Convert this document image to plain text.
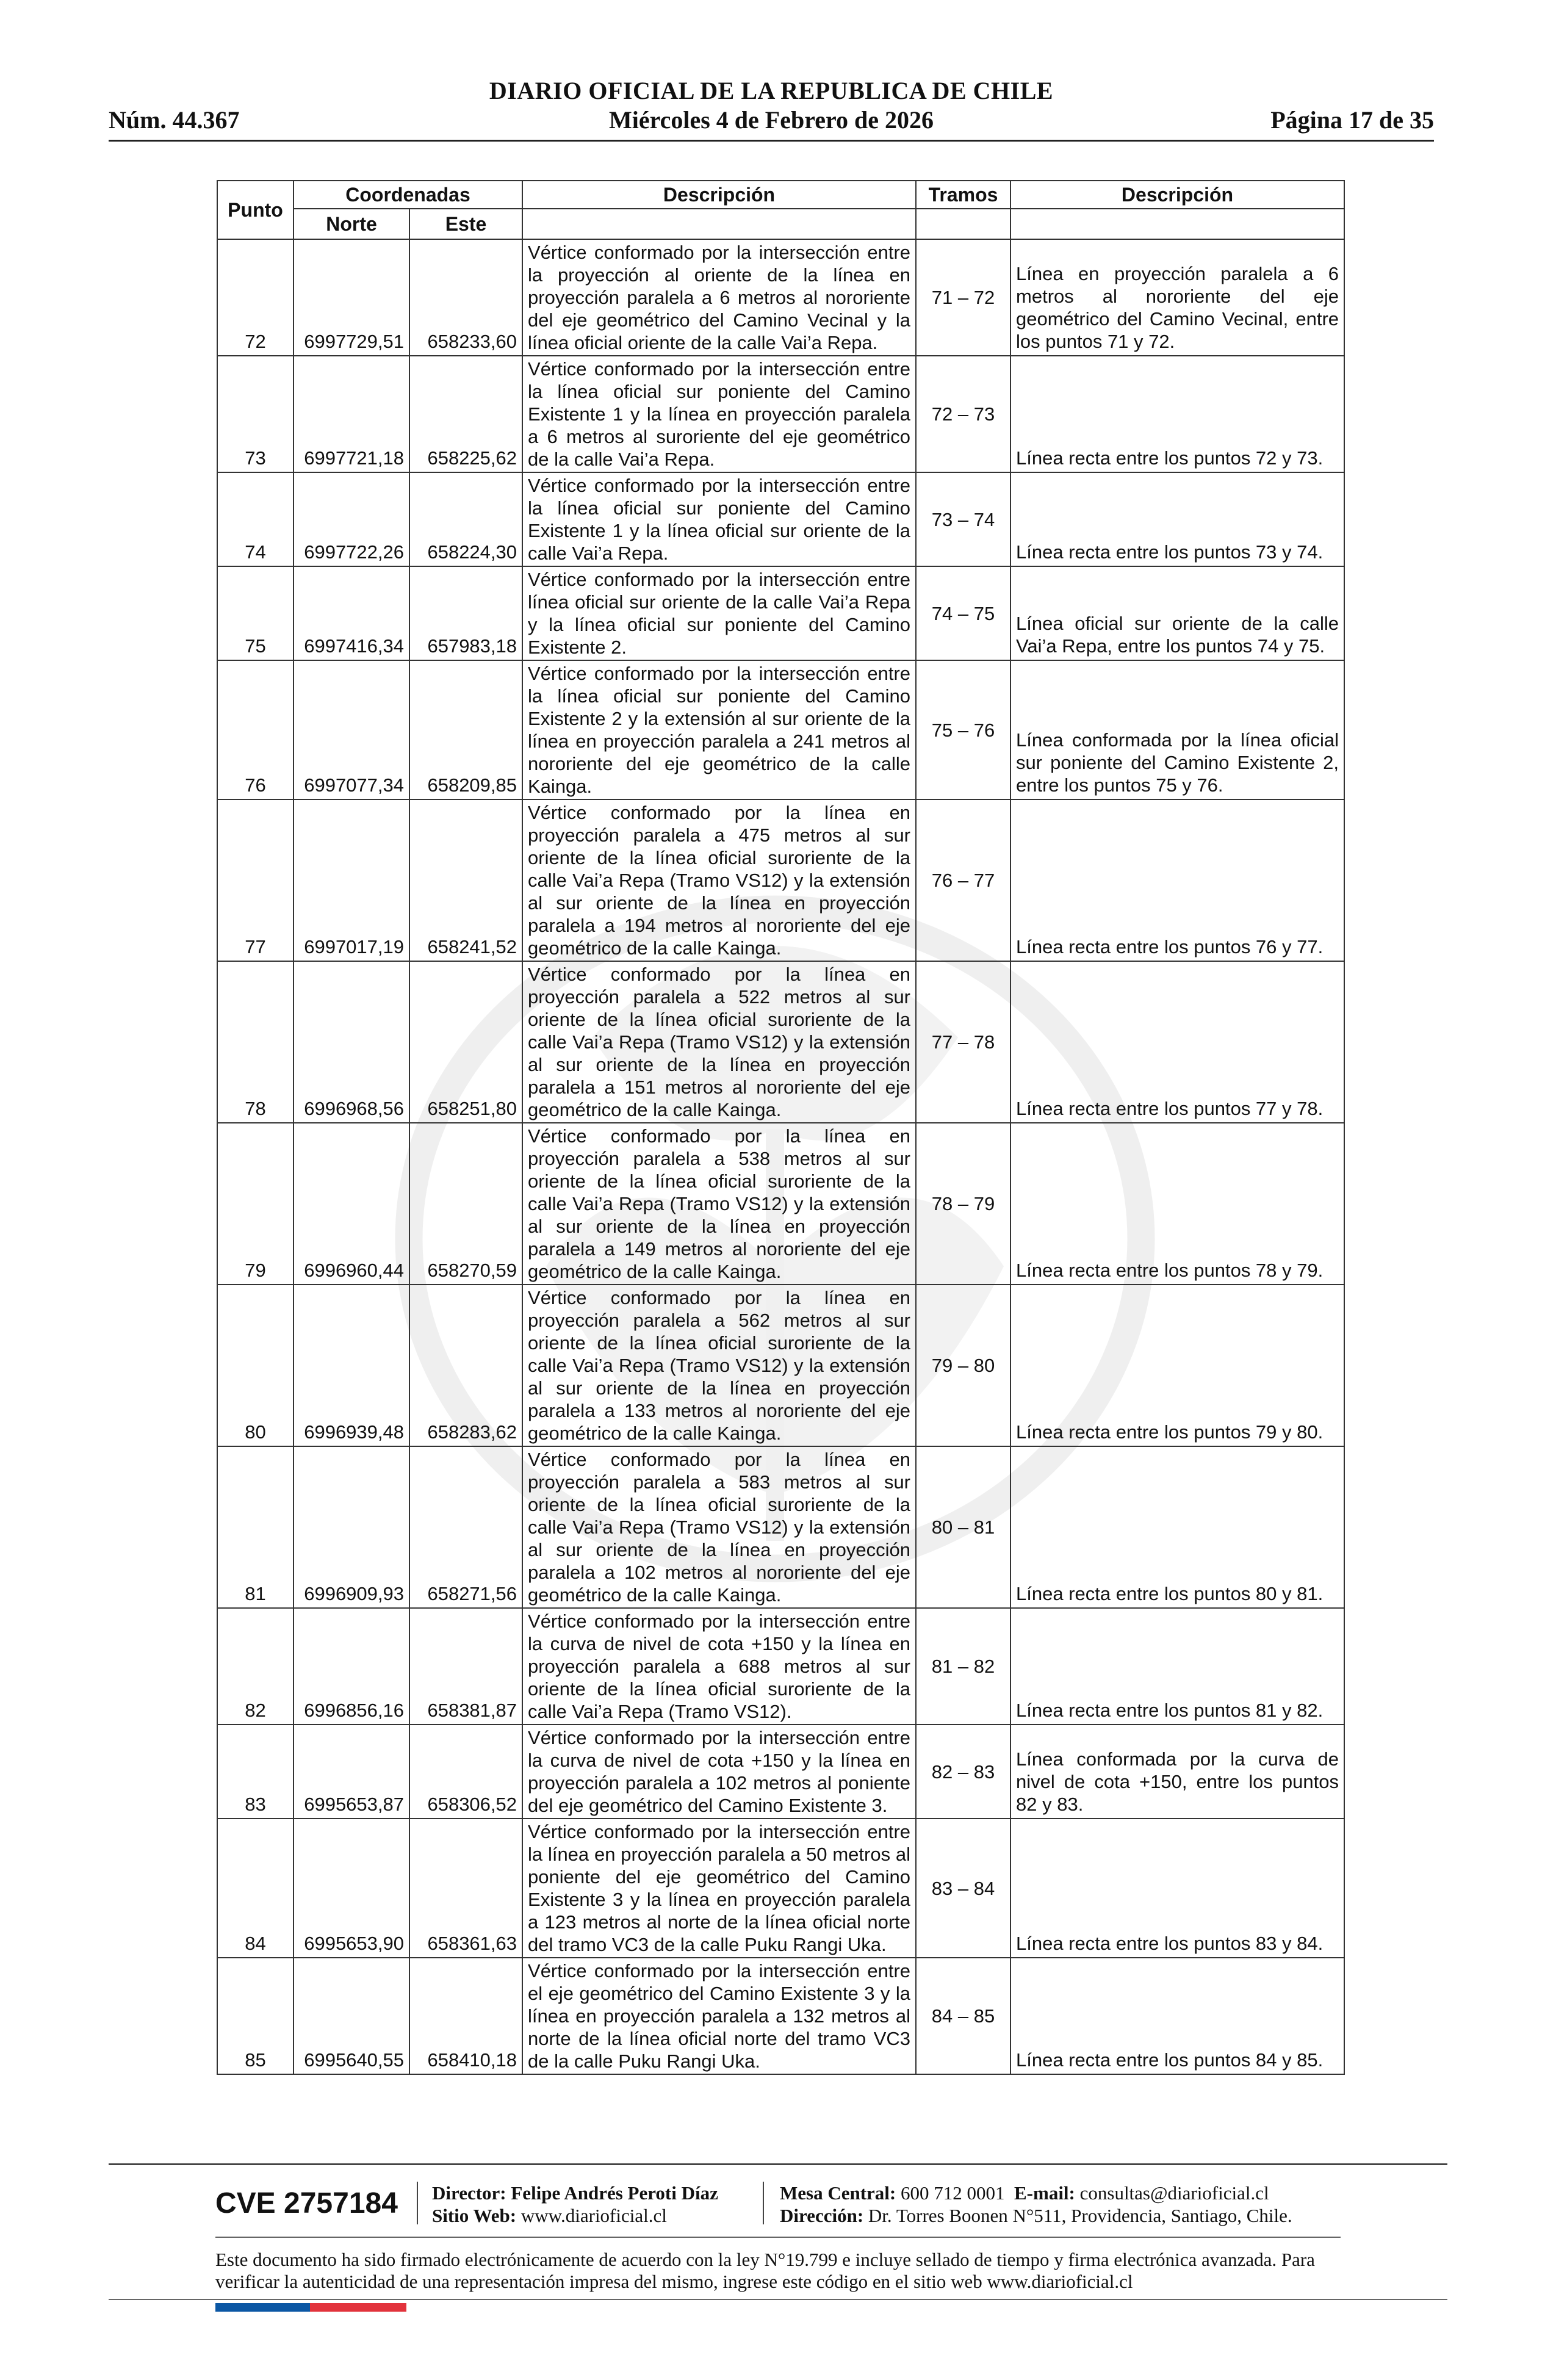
DIARIO OFICIAL DE LA REPUBLICA DE CHILE
Núm. 44.367	Miércoles 4 de Febrero de 2026	Página 17 de 35
Punto	Coordenadas		Descripción	Tramos	Descripción
	Norte	Este			
72	6997729,51	658233,60	Vértice conformado por la intersección entre la proyección al oriente de la línea en proyección paralela a 6 metros al nororiente del eje geométrico del Camino Vecinal y la línea oficial oriente de la calle Vai’a Repa.	71 – 72	Línea en proyección paralela a 6 metros al nororiente del eje geométrico del Camino Vecinal, entre los puntos 71 y 72.
73	6997721,18	658225,62	Vértice conformado por la intersección entre la línea oficial sur poniente del Camino Existente 1 y la línea en proyección paralela a 6 metros al suroriente del eje geométrico de la calle Vai’a Repa.	72 – 73	Línea recta entre los puntos 72 y 73.
74	6997722,26	658224,30	Vértice conformado por la intersección entre la línea oficial sur poniente del Camino Existente 1 y la línea oficial sur oriente de la calle Vai’a Repa.	73 – 74	Línea recta entre los puntos 73 y 74.
75	6997416,34	657983,18	Vértice conformado por la intersección entre línea oficial sur oriente de la calle Vai’a Repa y la línea oficial sur poniente del Camino Existente 2.	74 – 75	Línea oficial sur oriente de la calle Vai’a Repa, entre los puntos 74 y 75.
76	6997077,34	658209,85	Vértice conformado por la intersección entre la línea oficial sur poniente del Camino Existente 2 y la extensión al sur oriente de la línea en proyección paralela a 241 metros al nororiente del eje geométrico de la calle Kainga.	75 – 76	Línea conformada por la línea oficial sur poniente del Camino Existente 2, entre los puntos 75 y 76.
77	6997017,19	658241,52	Vértice conformado por la línea en proyección paralela a 475 metros al sur oriente de la línea oficial suroriente de la calle Vai’a Repa (Tramo VS12) y la extensión al sur oriente de la línea en proyección paralela a 194 metros al nororiente del eje geométrico de la calle Kainga.	76 – 77	Línea recta entre los puntos 76 y 77.
78	6996968,56	658251,80	Vértice conformado por la línea en proyección paralela a 522 metros al sur oriente de la línea oficial suroriente de la calle Vai’a Repa (Tramo VS12) y la extensión al sur oriente de la línea en proyección paralela a 151 metros al nororiente del eje geométrico de la calle Kainga.	77 – 78	Línea recta entre los puntos 77 y 78.
79	6996960,44	658270,59	Vértice conformado por la línea en proyección paralela a 538 metros al sur oriente de la línea oficial suroriente de la calle Vai’a Repa (Tramo VS12) y la extensión al sur oriente de la línea en proyección paralela a 149 metros al nororiente del eje geométrico de la calle Kainga.	78 – 79	Línea recta entre los puntos 78 y 79.
80	6996939,48	658283,62	Vértice conformado por la línea en proyección paralela a 562 metros al sur oriente de la línea oficial suroriente de la calle Vai’a Repa (Tramo VS12) y la extensión al sur oriente de la línea en proyección paralela a 133 metros al nororiente del eje geométrico de la calle Kainga.	79 – 80	Línea recta entre los puntos 79 y 80.
81	6996909,93	658271,56	Vértice conformado por la línea en proyección paralela a 583 metros al sur oriente de la línea oficial suroriente de la calle Vai’a Repa (Tramo VS12) y la extensión al sur oriente de la línea en proyección paralela a 102 metros al nororiente del eje geométrico de la calle Kainga.	80 – 81	Línea recta entre los puntos 80 y 81.
82	6996856,16	658381,87	Vértice conformado por la intersección entre la curva de nivel de cota +150 y la línea en proyección paralela a 688 metros al sur oriente de la línea oficial suroriente de la calle Vai’a Repa (Tramo VS12).	81 – 82	Línea recta entre los puntos 81 y 82.
83	6995653,87	658306,52	Vértice conformado por la intersección entre la curva de nivel de cota +150 y la línea en proyección paralela a 102 metros al poniente del eje geométrico del Camino Existente 3.	82 – 83	Línea conformada por la curva de nivel de cota +150, entre los puntos 82 y 83.
84	6995653,90	658361,63	Vértice conformado por la intersección entre la línea en proyección paralela a 50 metros al poniente del eje geométrico del Camino Existente 3 y la línea en proyección paralela a 123 metros al norte de la línea oficial norte del tramo VC3 de la calle Puku Rangi Uka.	83 – 84	Línea recta entre los puntos 83 y 84.
85	6995640,55	658410,18	Vértice conformado por la intersección entre el eje geométrico del Camino Existente 3 y la línea en proyección paralela a 132 metros al norte de la línea oficial norte del tramo VC3 de la calle Puku Rangi Uka.	84 – 85	Línea recta entre los puntos 84 y 85.
CVE 2757184 Director: Felipe Andrés Peroti Díaz
Sitio Web: www.diarioficial.cl
Mesa Central: 600 712 0001 E-mail: consultas@diarioficial.cl
Dirección: Dr. Torres Boonen N°511, Providencia, Santiago, Chile.
Este documento ha sido firmado electrónicamente de acuerdo con la ley N°19.799 e incluye sellado de tiempo y firma electrónica avanzada. Para verificar la autenticidad de una representación impresa del mismo, ingrese este código en el sitio web www.diarioficial.cl
